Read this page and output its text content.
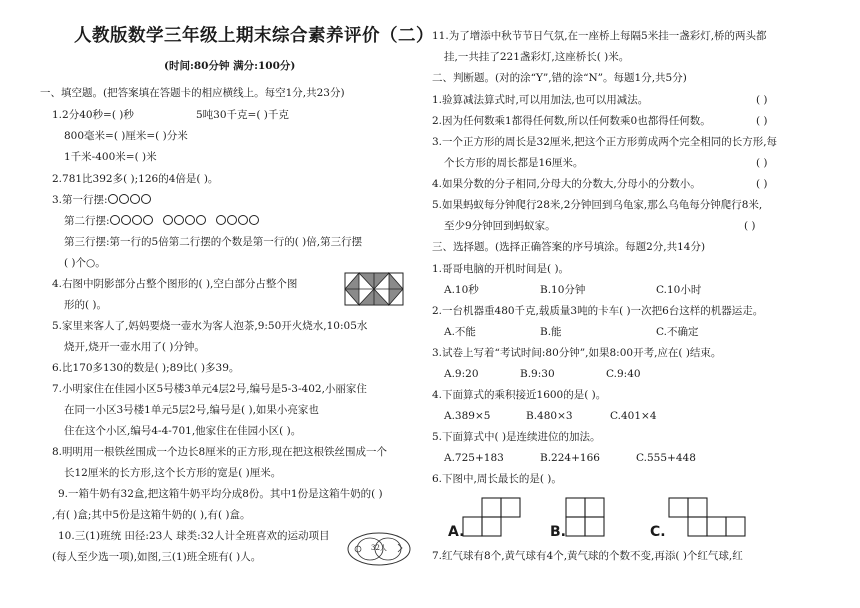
人教版数学三年级上期末综合素养评价（二）
(时间:80分钟 满分:100分)
一、填空题。(把答案填在答题卡的相应横线上。每空1分,共23分)
1.2分40秒=( )秒	5吨30千克=( )千克
800毫米=( )厘米=( )分米
1千米-400米=( )米
2.781比392多( );126的4倍是( )。
3.第一行摆:
第二行摆:
第三行摆:第一行的5倍第二行摆的个数是第一行的( )倍,第三行摆
( )个○。
4.右图中阴影部分占整个图形的( ),空白部分占整个图
形的( )。
5.家里来客人了,妈妈要烧一壶水为客人泡茶,9:50开火烧水,10:05水
烧开,烧开一壶水用了( )分钟。
6.比170多130的数是( );89比( )多39。
7.小明家住在佳园小区5号楼3单元4层2号,编号是5-3-402,小丽家住
在同一小区3号楼1单元5层2号,编号是( ),如果小亮家也
住在这个小区,编号4-4-701,他家住在佳园小区( )。
8.明明用一根铁丝围成一个边长8厘米的正方形,现在把这根铁丝围成一个
长12厘米的长方形,这个长方形的宽是( )厘米。
9.一箱牛奶有32盒,把这箱牛奶平均分成8份。其中1份是这箱牛奶的( )
,有( )盒;其中5份是这箱牛奶的( ),有( )盒。
10.三(1)班统 田径:23人 球类:32人计全班喜欢的运动项目
(每人至少选一项),如图,三(1)班全班有( )人。
32人
11.为了增添中秋节节日气氛,在一座桥上每隔5米挂一盏彩灯,桥的两头都
挂,一共挂了221盏彩灯,这座桥长( )米。
二、判断题。(对的涂“Y”,错的涂“N”。每题1分,共5分)
1.验算减法算式时,可以用加法,也可以用减法。	( )
2.因为任何数乘1都得任何数,所以任何数乘0也都得任何数。	( )
3.一个正方形的周长是32厘米,把这个正方形剪成两个完全相同的长方形,每
个长方形的周长都是16厘米。	( )
4.如果分数的分子相同,分母大的分数大,分母小的分数小。	( )
5.如果蚂蚁每分钟爬行28米,2分钟回到乌龟家,那么乌龟每分钟爬行8米,
至少9分钟回到蚂蚁家。	( )
三、选择题。(选择正确答案的序号填涂。每题2分,共14分)
1.哥哥电脑的开机时间是( )。
A.10秒	B.10分钟	C.10小时
2.一台机器重480千克,载质量3吨的卡车( )一次把6台这样的机器运走。
A.不能	B.能	C.不确定
3.试卷上写着“考试时间:80分钟”,如果8:00开考,应在( )结束。
A.9:20	B.9:30	C.9:40
4.下面算式的乘积接近1600的是( )。
A.389×5	B.480×3	C.401×4
5.下面算式中( )是连续进位的加法。
A.725+183	B.224+166	C.555+448
6.下图中,周长最长的是( )。
A.	B.	C.
7.红气球有8个,黄气球有4个,黄气球的个数不变,再添( )个红气球,红
